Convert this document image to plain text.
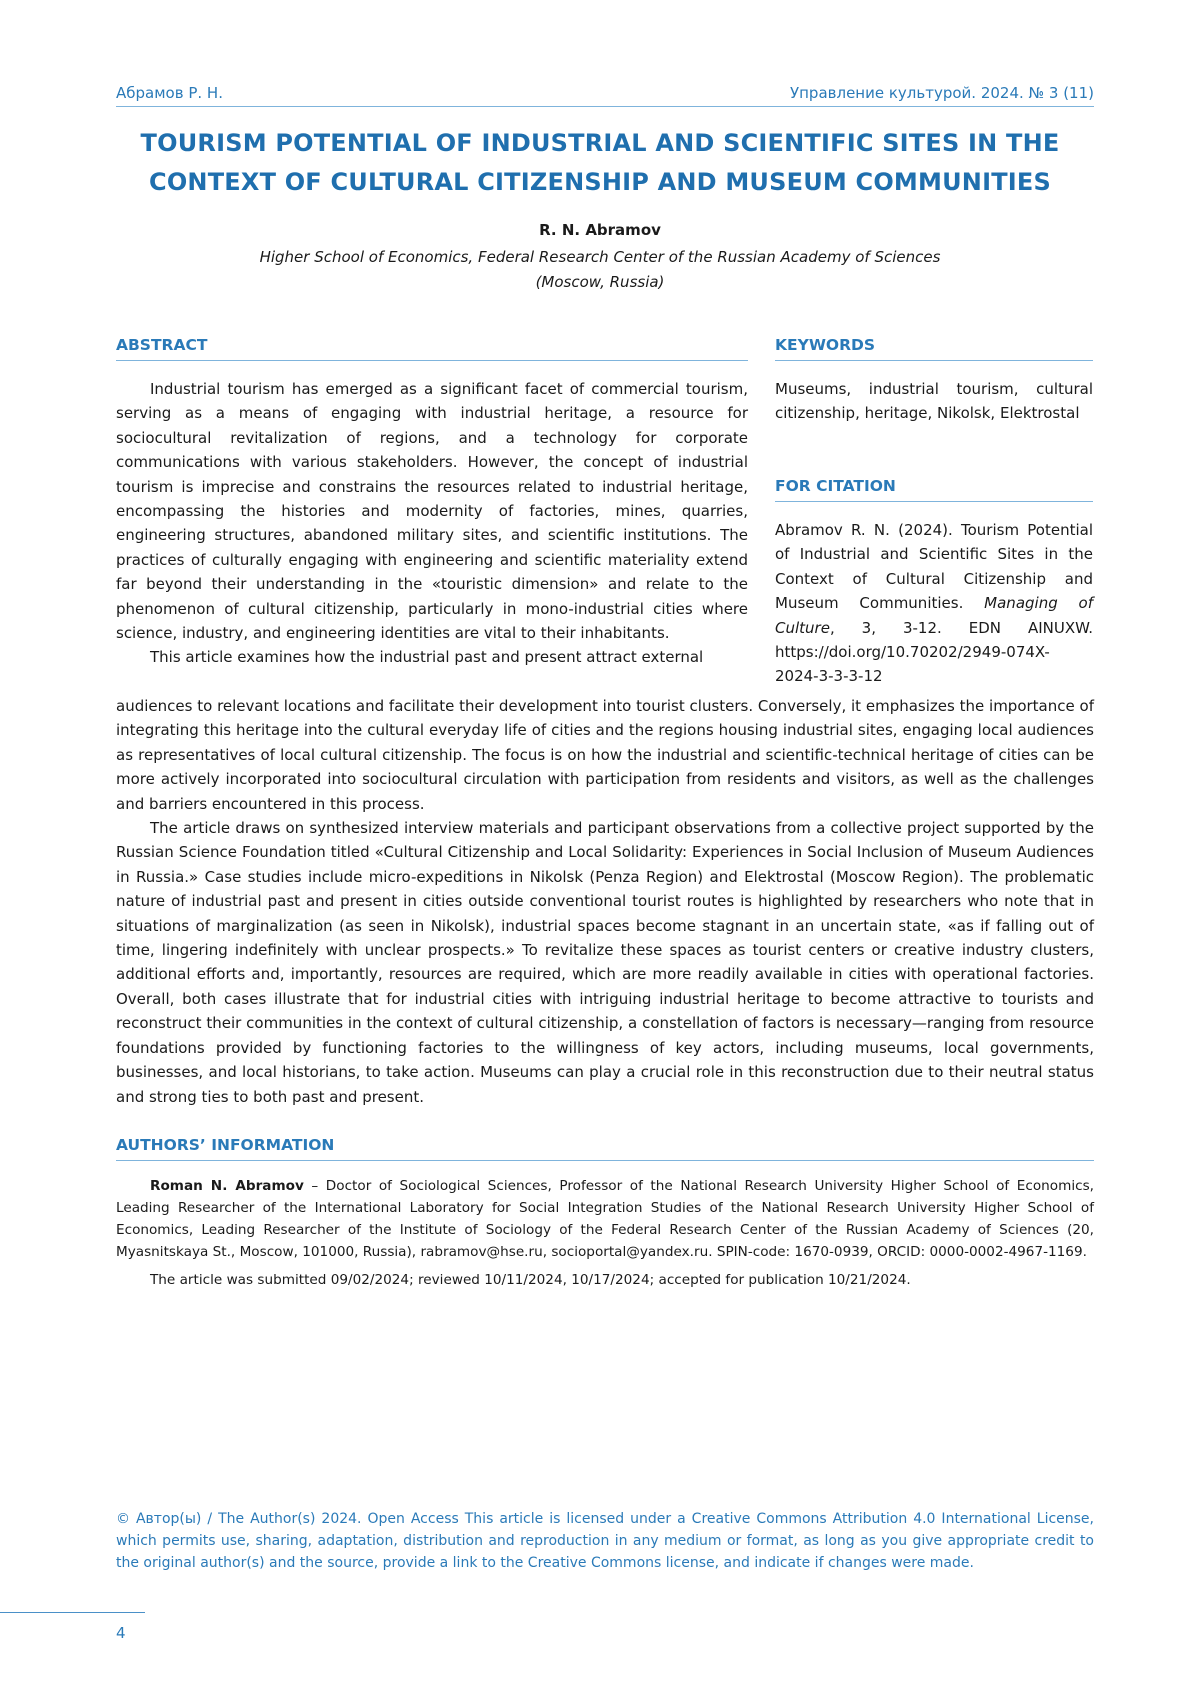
Абрамов Р. Н.	Управление культурой. 2024. № 3 (11)
TOURISM POTENTIAL OF INDUSTRIAL AND SCIENTIFIC SITES IN THE
CONTEXT OF CULTURAL CITIZENSHIP AND MUSEUM COMMUNITIES
R. N. Abramov
Higher School of Economics, Federal Research Center of the Russian Academy of Sciences
(Moscow, Russia)
ABSTRACT	KEYWORDS

Industrial tourism has emerged as a significant facet of commercial tourism, serving as a means of engaging with industrial heritage, a resource for sociocultural revitalization of regions, and a technology for corporate communications with various stakeholders. However, the concept of industrial tourism is imprecise and constrains the resources related to industrial heritage, encompassing the histories and modernity of factories, mines, quarries, engineering structures, abandoned military sites, and scientific institutions. The practices of culturally engaging with engineering and scientific materiality extend far beyond their understanding in the «touristic dimension» and relate to the phenomenon of cultural citizenship, particularly in mono-industrial cities where science, industry, and engineering identities are vital to their inhabitants.

This article examines how the industrial past and present attract external

Museums, industrial tourism, cultural citizenship, heritage, Nikolsk, Elektrostal

FOR CITATION

Abramov R. N. (2024). Tourism Potential of Industrial and Scientific Sites in the Context of Cultural Citizenship and Museum Communities. Managing of Culture, 3, 3-12. EDN AINUXW. https://doi.org/10.70202/2949-074X-2024-3-3-3-12

audiences to relevant locations and facilitate their development into tourist clusters. Conversely, it emphasizes the importance of integrating this heritage into the cultural everyday life of cities and the regions housing industrial sites, engaging local audiences as representatives of local cultural citizenship. The focus is on how the industrial and scientific-technical heritage of cities can be more actively incorporated into sociocultural circulation with participation from residents and visitors, as well as the challenges and barriers encountered in this process.

The article draws on synthesized interview materials and participant observations from a collective project supported by the Russian Science Foundation titled «Cultural Citizenship and Local Solidarity: Experiences in Social Inclusion of Museum Audiences in Russia.» Case studies include micro-expeditions in Nikolsk (Penza Region) and Elektrostal (Moscow Region). The problematic nature of industrial past and present in cities outside conventional tourist routes is highlighted by researchers who note that in situations of marginalization (as seen in Nikolsk), industrial spaces become stagnant in an uncertain state, «as if falling out of time, lingering indefinitely with unclear prospects.» To revitalize these spaces as tourist centers or creative industry clusters, additional efforts and, importantly, resources are required, which are more readily available in cities with operational factories. Overall, both cases illustrate that for industrial cities with intriguing industrial heritage to become attractive to tourists and reconstruct their communities in the context of cultural citizenship, a constellation of factors is necessary—ranging from resource foundations provided by functioning factories to the willingness of key actors, including museums, local governments, businesses, and local historians, to take action. Museums can play a crucial role in this reconstruction due to their neutral status and strong ties to both past and present.

AUTHORS’ INFORMATION

Roman N. Abramov – Doctor of Sociological Sciences, Professor of the National Research University Higher School of Economics, Leading Researcher of the International Laboratory for Social Integration Studies of the National Research University Higher School of Economics, Leading Researcher of the Institute of Sociology of the Federal Research Center of the Russian Academy of Sciences (20, Myasnitskaya St., Moscow, 101000, Russia), rabramov@hse.ru, socioportal@yandex.ru. SPIN-code: 1670-0939, ORCID: 0000-0002-4967-1169.

The article was submitted 09/02/2024; reviewed 10/11/2024, 10/17/2024; accepted for publication 10/21/2024.

© Автор(ы) / The Author(s) 2024. Open Access This article is licensed under a Creative Commons Attribution 4.0 International License, which permits use, sharing, adaptation, distribution and reproduction in any medium or format, as long as you give appropriate credit to the original author(s) and the source, provide a link to the Creative Commons license, and indicate if changes were made.
4
